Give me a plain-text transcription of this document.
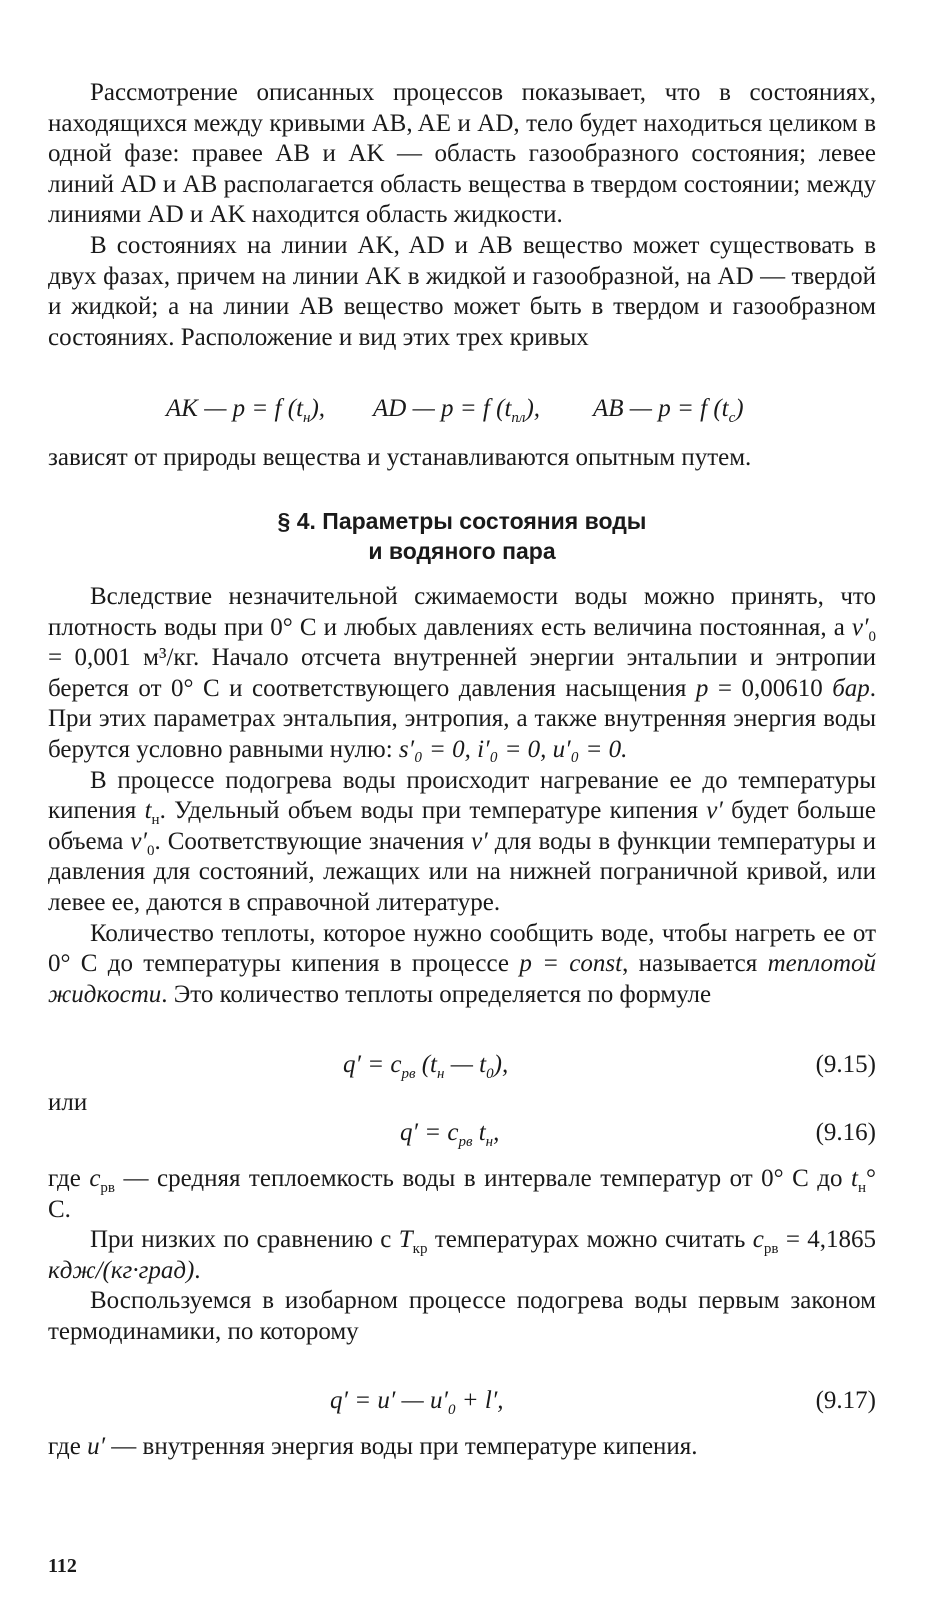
Рассмотрение описанных процессов показывает, что в состояниях, находящихся между кривыми AB, AE и AD, тело будет находиться целиком в одной фазе: правее AB и AK — область газообразного состояния; левее линий AD и AB располагается область вещества в твердом состоянии; между линиями AD и AK находится область жидкости.

В состояниях на линии AK, AD и AB вещество может существовать в двух фазах, причем на линии AK в жидкой и газообразной, на AD — твердой и жидкой; а на линии AB вещество может быть в твердом и газообразном состояниях. Расположение и вид этих трех кривых

AK — p = f $(t_н)$, AD — p = f $(t_{пл})$, AB — p = f $(t_c)$

зависят от природы вещества и устанавливаются опытным путем.

§ 4. Параметры состояния воды
и водяного пара

Вследствие незначительной сжимаемости воды можно принять, что плотность воды при 0° С и любых давлениях есть величина постоянная, а $v'_0 = 0,001$ м³/кг. Начало отсчета внутренней энергии энтальпии и энтропии берется от 0° С и соответствующего давления насыщения p = 0,00610 бар. При этих параметрах энтальпия, энтропия, а также внутренняя энергия воды берутся условно равными нулю: s′₀ = 0, i′₀ = 0, u′₀ = 0.

В процессе подогрева воды происходит нагревание ее до температуры кипения $t_н$. Удельный объем воды при температуре кипения v′ будет больше объема $v'_0$. Соответствующие значения v′ для воды в функции температуры и давления для состояний, лежащих или на нижней пограничной кривой, или левее ее, даются в справочной литературе.

Количество теплоты, которое нужно сообщить воде, чтобы нагреть ее от 0° С до температуры кипения в процессе p = const, называется теплотой жидкости. Это количество теплоты определяется по формуле

$q' = c_{pв}$ ($t_н$ — $t_0$),	(9.15)

или

$q' = c_{pв}$ $t_н$,	(9.16)

где $c_{pв}$ — средняя теплоемкость воды в интервале температур от 0° С до $t_н^\circ$ С.

При низких по сравнению с $T_{кр}$ температурах можно считать $c_{pв} = 4,1865$ кдж/(кг·град).

Воспользуемся в изобарном процессе подогрева воды первым законом термодинамики, по которому

q′ = u′ — $u'_0 + l'$,	(9.17)

где u′ — внутренняя энергия воды при температуре кипения.

112
